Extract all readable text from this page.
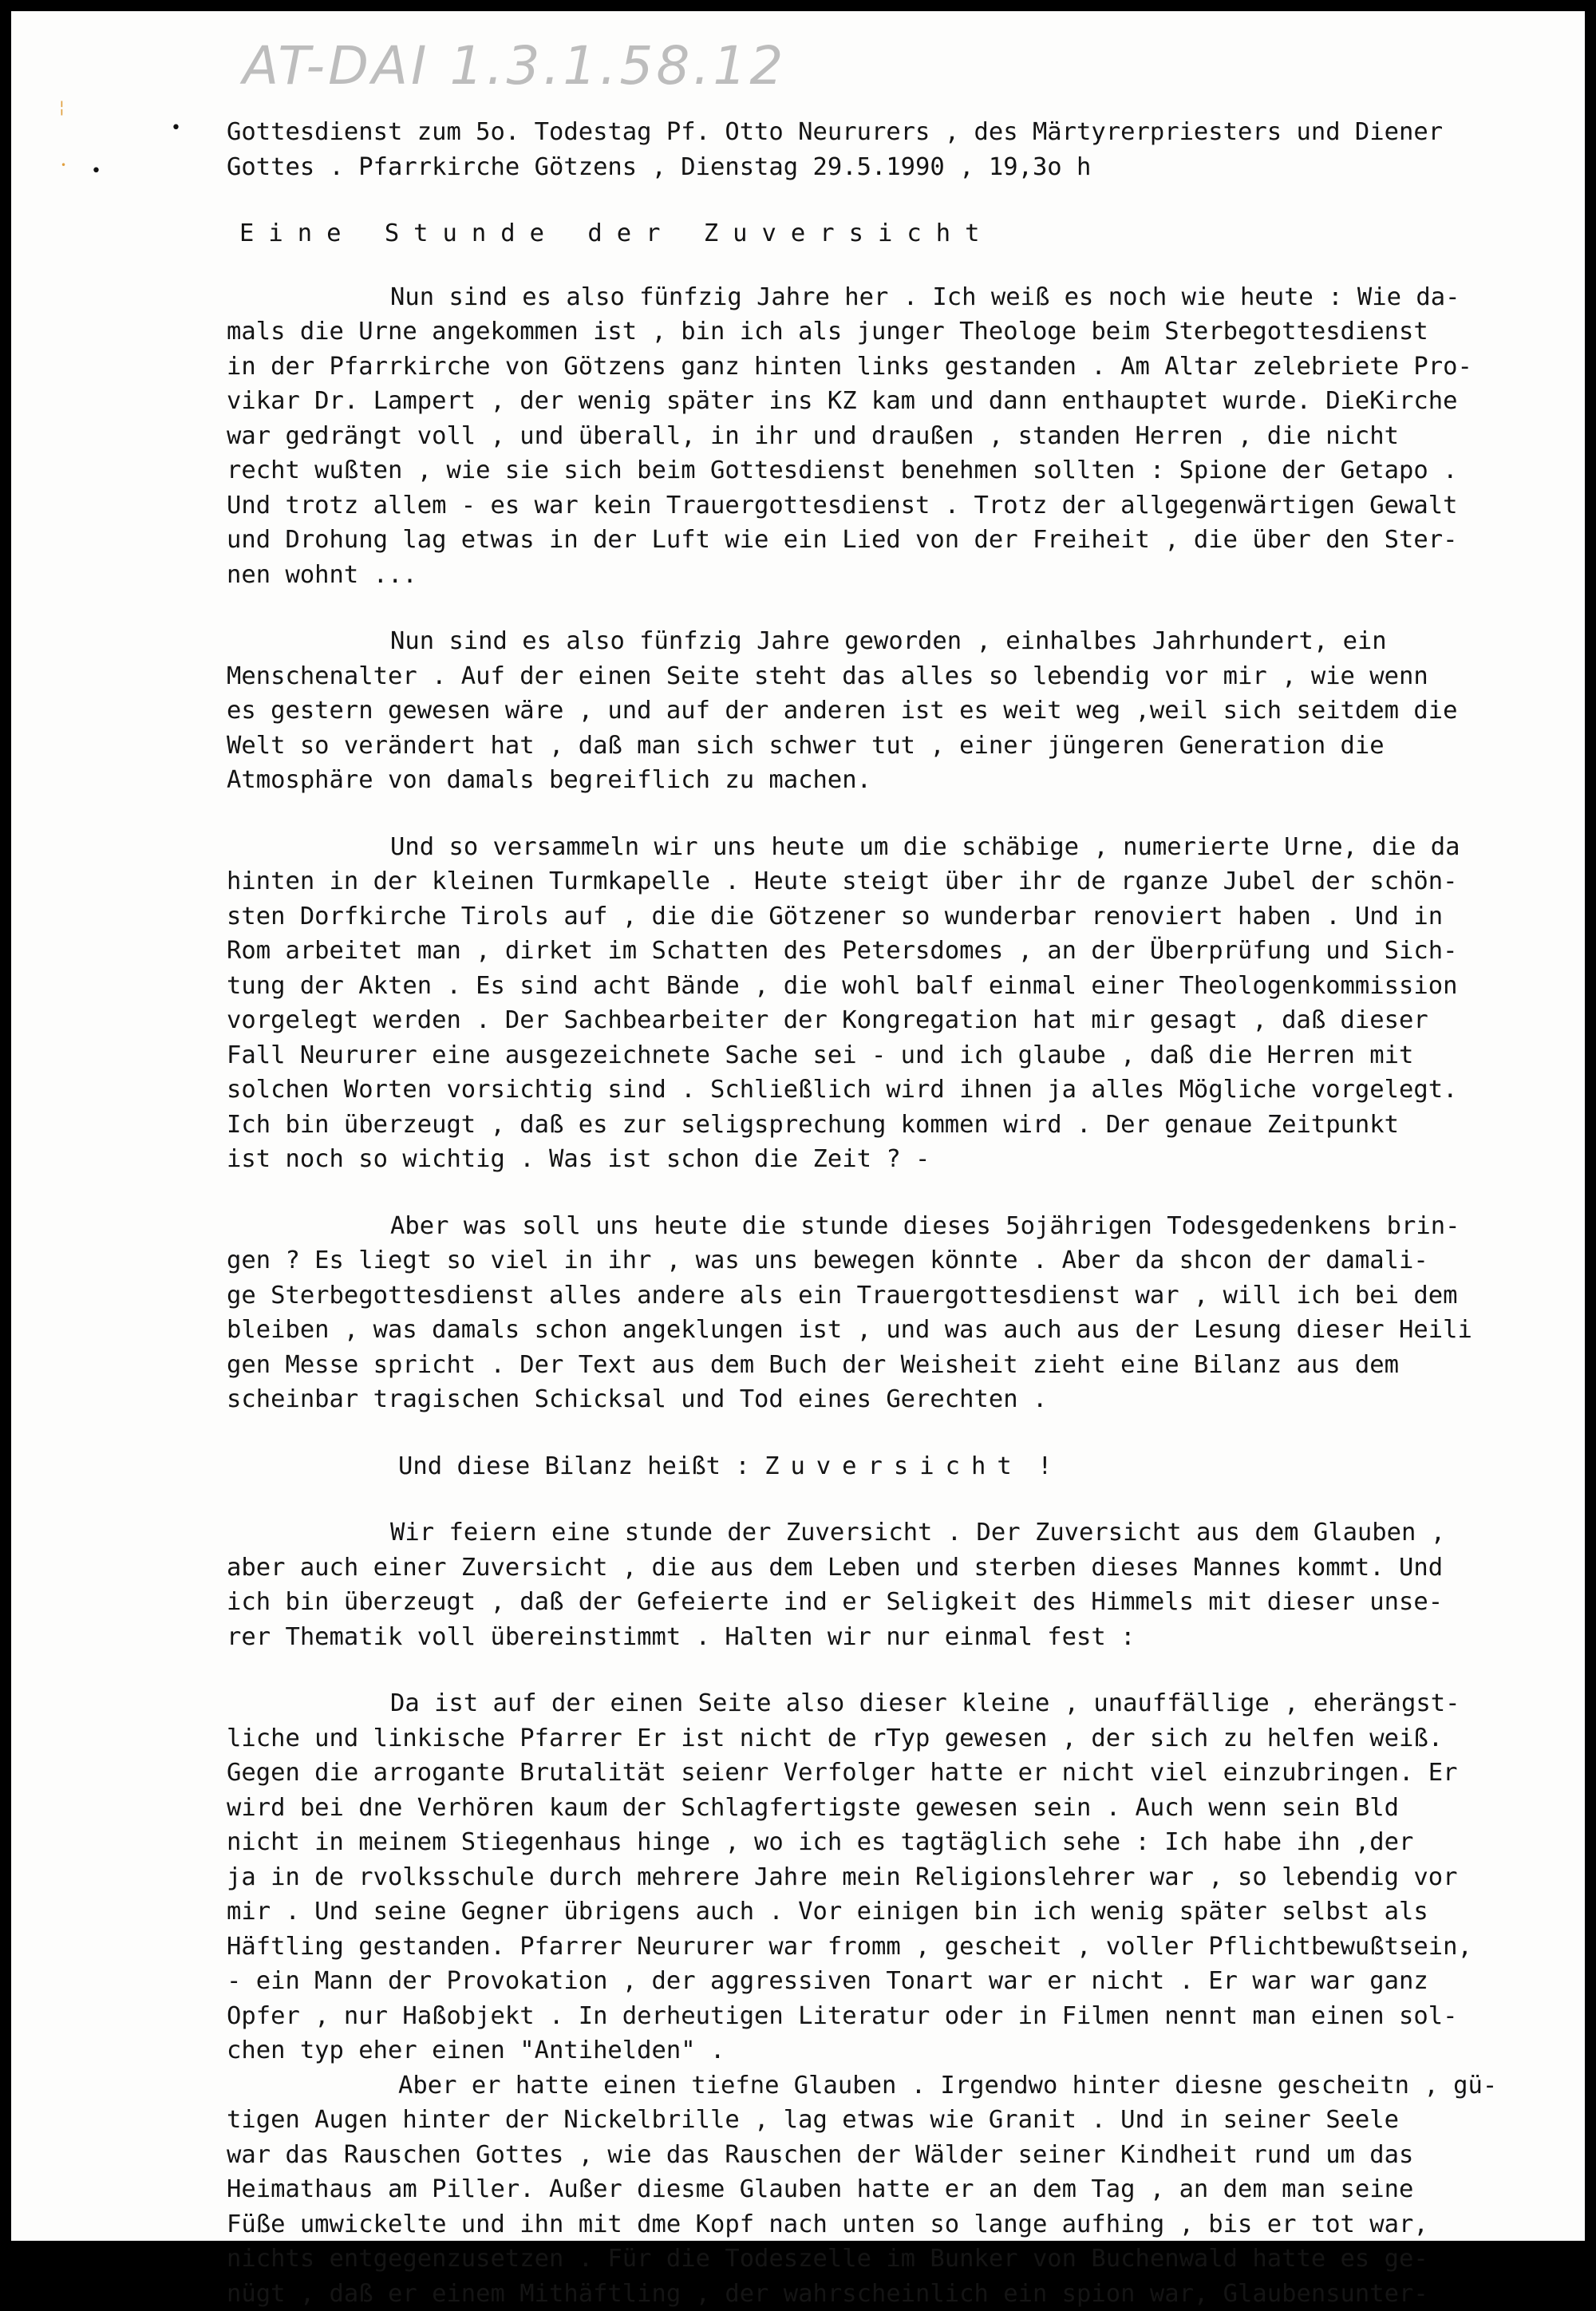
AT-DAI 1.3.1.58.12
¦
•
•
•
Gottesdienst zum 5o. Todestag Pf. Otto Neururers , des Märtyrerpriesters und Diener
Gottes . Pfarrkirche Götzens , Dienstag 29.5.1990 , 19,3o h
Eine Stunde der Zuversicht
Nun sind es also fünfzig Jahre her . Ich weiß es noch wie heute : Wie da-
mals die Urne angekommen ist , bin ich als junger Theologe beim Sterbegottesdienst
in der Pfarrkirche von Götzens ganz hinten links gestanden . Am Altar zelebriete Pro-
vikar Dr. Lampert , der wenig später ins KZ kam und dann enthauptet wurde. DieKirche
war gedrängt voll , und überall, in ihr und draußen , standen Herren , die nicht
recht wußten , wie sie sich beim Gottesdienst benehmen sollten : Spione der Getapo .
Und trotz allem - es war kein Trauergottesdienst . Trotz der allgegenwärtigen Gewalt
und Drohung lag etwas in der Luft wie ein Lied von der Freiheit , die über den Ster-
nen wohnt ...
Nun sind es also fünfzig Jahre geworden , einhalbes Jahrhundert, ein
Menschenalter . Auf der einen Seite steht das alles so lebendig vor mir , wie wenn
es gestern gewesen wäre , und auf der anderen ist es weit weg ,weil sich seitdem die
Welt so verändert hat , daß man sich schwer tut , einer jüngeren Generation die
Atmosphäre von damals begreiflich zu machen.
Und so versammeln wir uns heute um die schäbige , numerierte Urne, die da
hinten in der kleinen Turmkapelle . Heute steigt über ihr de rganze Jubel der schön-
sten Dorfkirche Tirols auf , die die Götzener so wunderbar renoviert haben . Und in
Rom arbeitet man , dirket im Schatten des Petersdomes , an der Überprüfung und Sich-
tung der Akten . Es sind acht Bände , die wohl balf einmal einer Theologenkommission
vorgelegt werden . Der Sachbearbeiter der Kongregation hat mir gesagt , daß dieser
Fall Neururer eine ausgezeichnete Sache sei - und ich glaube , daß die Herren mit
solchen Worten vorsichtig sind . Schließlich wird ihnen ja alles Mögliche vorgelegt.
Ich bin überzeugt , daß es zur seligsprechung kommen wird . Der genaue Zeitpunkt
ist noch so wichtig . Was ist schon die Zeit ? -
Aber was soll uns heute die stunde dieses 5ojährigen Todesgedenkens brin-
gen ? Es liegt so viel in ihr , was uns bewegen könnte . Aber da shcon der damali-
ge Sterbegottesdienst alles andere als ein Trauergottesdienst war , will ich bei dem
bleiben , was damals schon angeklungen ist , und was auch aus der Lesung dieser Heili
gen Messe spricht . Der Text aus dem Buch der Weisheit zieht eine Bilanz aus dem
scheinbar tragischen Schicksal und Tod eines Gerechten .
Und diese Bilanz heißt : Zuversicht !
Wir feiern eine stunde der Zuversicht . Der Zuversicht aus dem Glauben ,
aber auch einer Zuversicht , die aus dem Leben und sterben dieses Mannes kommt. Und
ich bin überzeugt , daß der Gefeierte ind er Seligkeit des Himmels mit dieser unse-
rer Thematik voll übereinstimmt . Halten wir nur einmal fest :
Da ist auf der einen Seite also dieser kleine , unauffällige , eherängst-
liche und linkische Pfarrer Er ist nicht de rTyp gewesen , der sich zu helfen weiß.
Gegen die arrogante Brutalität seienr Verfolger hatte er nicht viel einzubringen. Er
wird bei dne Verhören kaum der Schlagfertigste gewesen sein . Auch wenn sein Bld
nicht in meinem Stiegenhaus hinge , wo ich es tagtäglich sehe : Ich habe ihn ,der
ja in de rvolksschule durch mehrere Jahre mein Religionslehrer war , so lebendig vor
mir . Und seine Gegner übrigens auch . Vor einigen bin ich wenig später selbst als
Häftling gestanden. Pfarrer Neururer war fromm , gescheit , voller Pflichtbewußtsein,
- ein Mann der Provokation , der aggressiven Tonart war er nicht . Er war war ganz
Opfer , nur Haßobjekt . In derheutigen Literatur oder in Filmen nennt man einen sol-
chen typ eher einen "Antihelden" .
Aber er hatte einen tiefne Glauben . Irgendwo hinter diesne gescheitn , gü-
tigen Augen hinter der Nickelbrille , lag etwas wie Granit . Und in seiner Seele
war das Rauschen Gottes , wie das Rauschen der Wälder seiner Kindheit rund um das
Heimathaus am Piller. Außer diesme Glauben hatte er an dem Tag , an dem man seine
Füße umwickelte und ihn mit dme Kopf nach unten so lange aufhing , bis er tot war,
nichts entgegenzusetzen . Für die Todeszelle im Bunker von Buchenwald hatte es ge-
nügt , daß er einem Mithäftling , der wahrscheinlich ein spion war, Glaubensunter-
